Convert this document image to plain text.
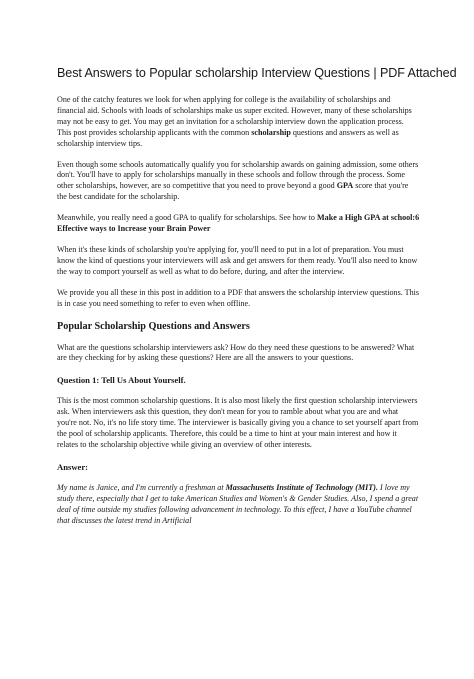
Best Answers to Popular scholarship Interview Questions | PDF Attached

One of the catchy features we look for when applying for college is the availability of scholarships and financial aid. Schools with loads of scholarships make us super excited. However, many of these scholarships may not be easy to get. You may get an invitation for a scholarship interview down the application process. This post provides scholarship applicants with the common scholarship questions and answers as well as scholarship interview tips.

Even though some schools automatically qualify you for scholarship awards on gaining admission, some others don't. You'll have to apply for scholarships manually in these schools and follow through the process. Some other scholarships, however, are so competitive that you need to prove beyond a good GPA score that you're the best candidate for the scholarship.

Meanwhile, you really need a good GPA to qualify for scholarships. See how to Make a High GPA at school:6 Effective ways to Increase your Brain Power

When it's these kinds of scholarship you're applying for, you'll need to put in a lot of preparation. You must know the kind of questions your interviewers will ask and get answers for them ready. You'll also need to know the way to comport yourself as well as what to do before, during, and after the interview.

We provide you all these in this post in addition to a PDF that answers the scholarship interview questions. This is in case you need something to refer to even when offline.

Popular Scholarship Questions and Answers

What are the questions scholarship interviewers ask? How do they need these questions to be answered? What are they checking for by asking these questions? Here are all the answers to your questions.

Question 1: Tell Us About Yourself.

This is the most common scholarship questions. It is also most likely the first question scholarship interviewers ask. When interviewers ask this question, they don't mean for you to ramble about what you are and what you're not. No, it's no life story time. The interviewer is basically giving you a chance to set yourself apart from the pool of scholarship applicants. Therefore, this could be a time to hint at your main interest and how it relates to the scholarship objective while giving an overview of other interests.

Answer:

My name is Janice, and I'm currently a freshman at Massachusetts Institute of Technology (MIT). I love my study there, especially that I get to take American Studies and Women's & Gender Studies. Also, I spend a great deal of time outside my studies following advancement in technology. To this effect, I have a YouTube channel that discusses the latest trend in Artificial
